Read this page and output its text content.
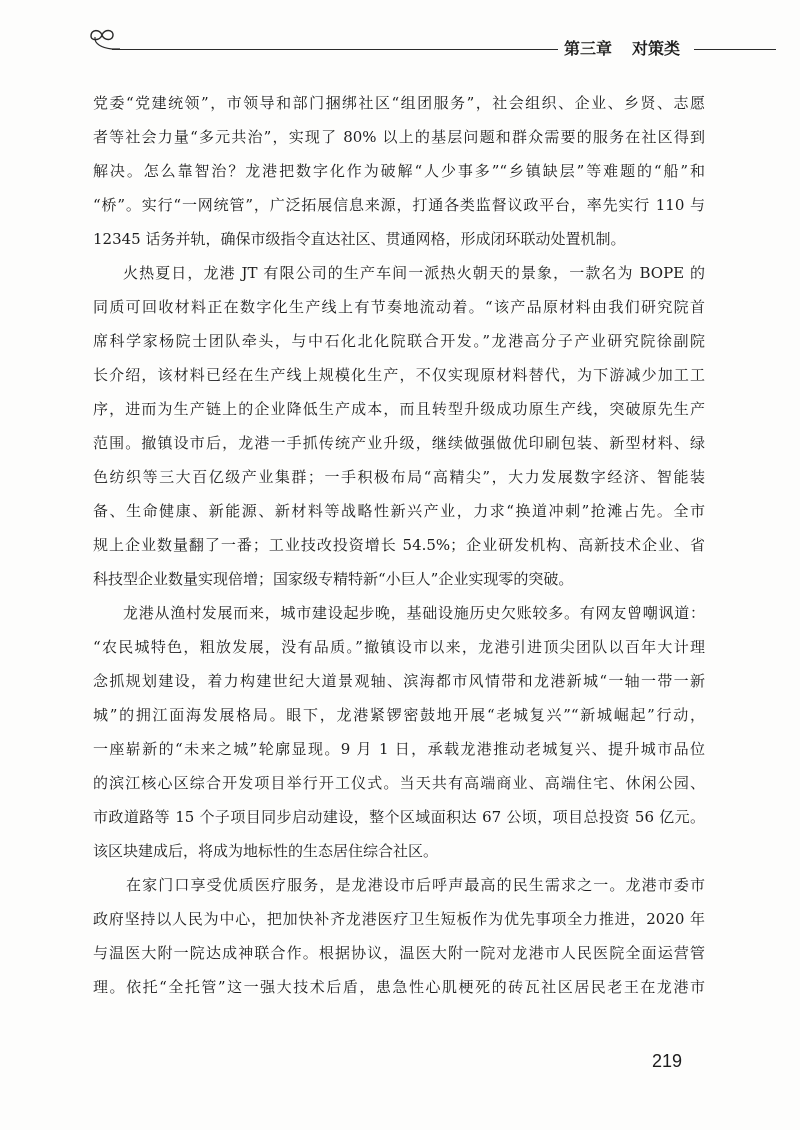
第三章 对策类
党委“党建统领”，市领导和部门捆绑社区“组团服务”，社会组织、企业、乡贤、志愿
者等社会力量“多元共治”，实现了 80% 以上的基层问题和群众需要的服务在社区得到
解决。怎么靠智治？龙港把数字化作为破解“人少事多”“乡镇缺层”等难题的“船”和
“桥”。实行“一网统管”，广泛拓展信息来源，打通各类监督议政平台，率先实行 110 与
12345 话务并轨，确保市级指令直达社区、贯通网格，形成闭环联动处置机制。
火热夏日，龙港 JT 有限公司的生产车间一派热火朝天的景象，一款名为 BOPE 的
同质可回收材料正在数字化生产线上有节奏地流动着。“该产品原材料由我们研究院首
席科学家杨院士团队牵头，与中石化北化院联合开发。”龙港高分子产业研究院徐副院
长介绍，该材料已经在生产线上规模化生产，不仅实现原材料替代，为下游减少加工工
序，进而为生产链上的企业降低生产成本，而且转型升级成功原生产线，突破原先生产
范围。撤镇设市后，龙港一手抓传统产业升级，继续做强做优印刷包装、新型材料、绿
色纺织等三大百亿级产业集群；一手积极布局“高精尖”，大力发展数字经济、智能装
备、生命健康、新能源、新材料等战略性新兴产业，力求“换道冲刺”抢滩占先。全市
规上企业数量翻了一番；工业技改投资增长 54.5%；企业研发机构、高新技术企业、省
科技型企业数量实现倍增；国家级专精特新“小巨人”企业实现零的突破。
龙港从渔村发展而来，城市建设起步晚，基础设施历史欠账较多。有网友曾嘲讽道：
“农民城特色，粗放发展，没有品质。”撤镇设市以来，龙港引进顶尖团队以百年大计理
念抓规划建设，着力构建世纪大道景观轴、滨海都市风情带和龙港新城“一轴一带一新
城”的拥江面海发展格局。眼下，龙港紧锣密鼓地开展“老城复兴”“新城崛起”行动，
一座崭新的“未来之城”轮廓显现。9 月 1 日，承载龙港推动老城复兴、提升城市品位
的滨江核心区综合开发项目举行开工仪式。当天共有高端商业、高端住宅、休闲公园、
市政道路等 15 个子项目同步启动建设，整个区域面积达 67 公顷，项目总投资 56 亿元。
该区块建成后，将成为地标性的生态居住综合社区。
在家门口享受优质医疗服务，是龙港设市后呼声最高的民生需求之一。龙港市委市
政府坚持以人民为中心，把加快补齐龙港医疗卫生短板作为优先事项全力推进，2020 年
与温医大附一院达成神联合作。根据协议，温医大附一院对龙港市人民医院全面运营管
理。依托“全托管”这一强大技术后盾，患急性心肌梗死的砖瓦社区居民老王在龙港市
219
